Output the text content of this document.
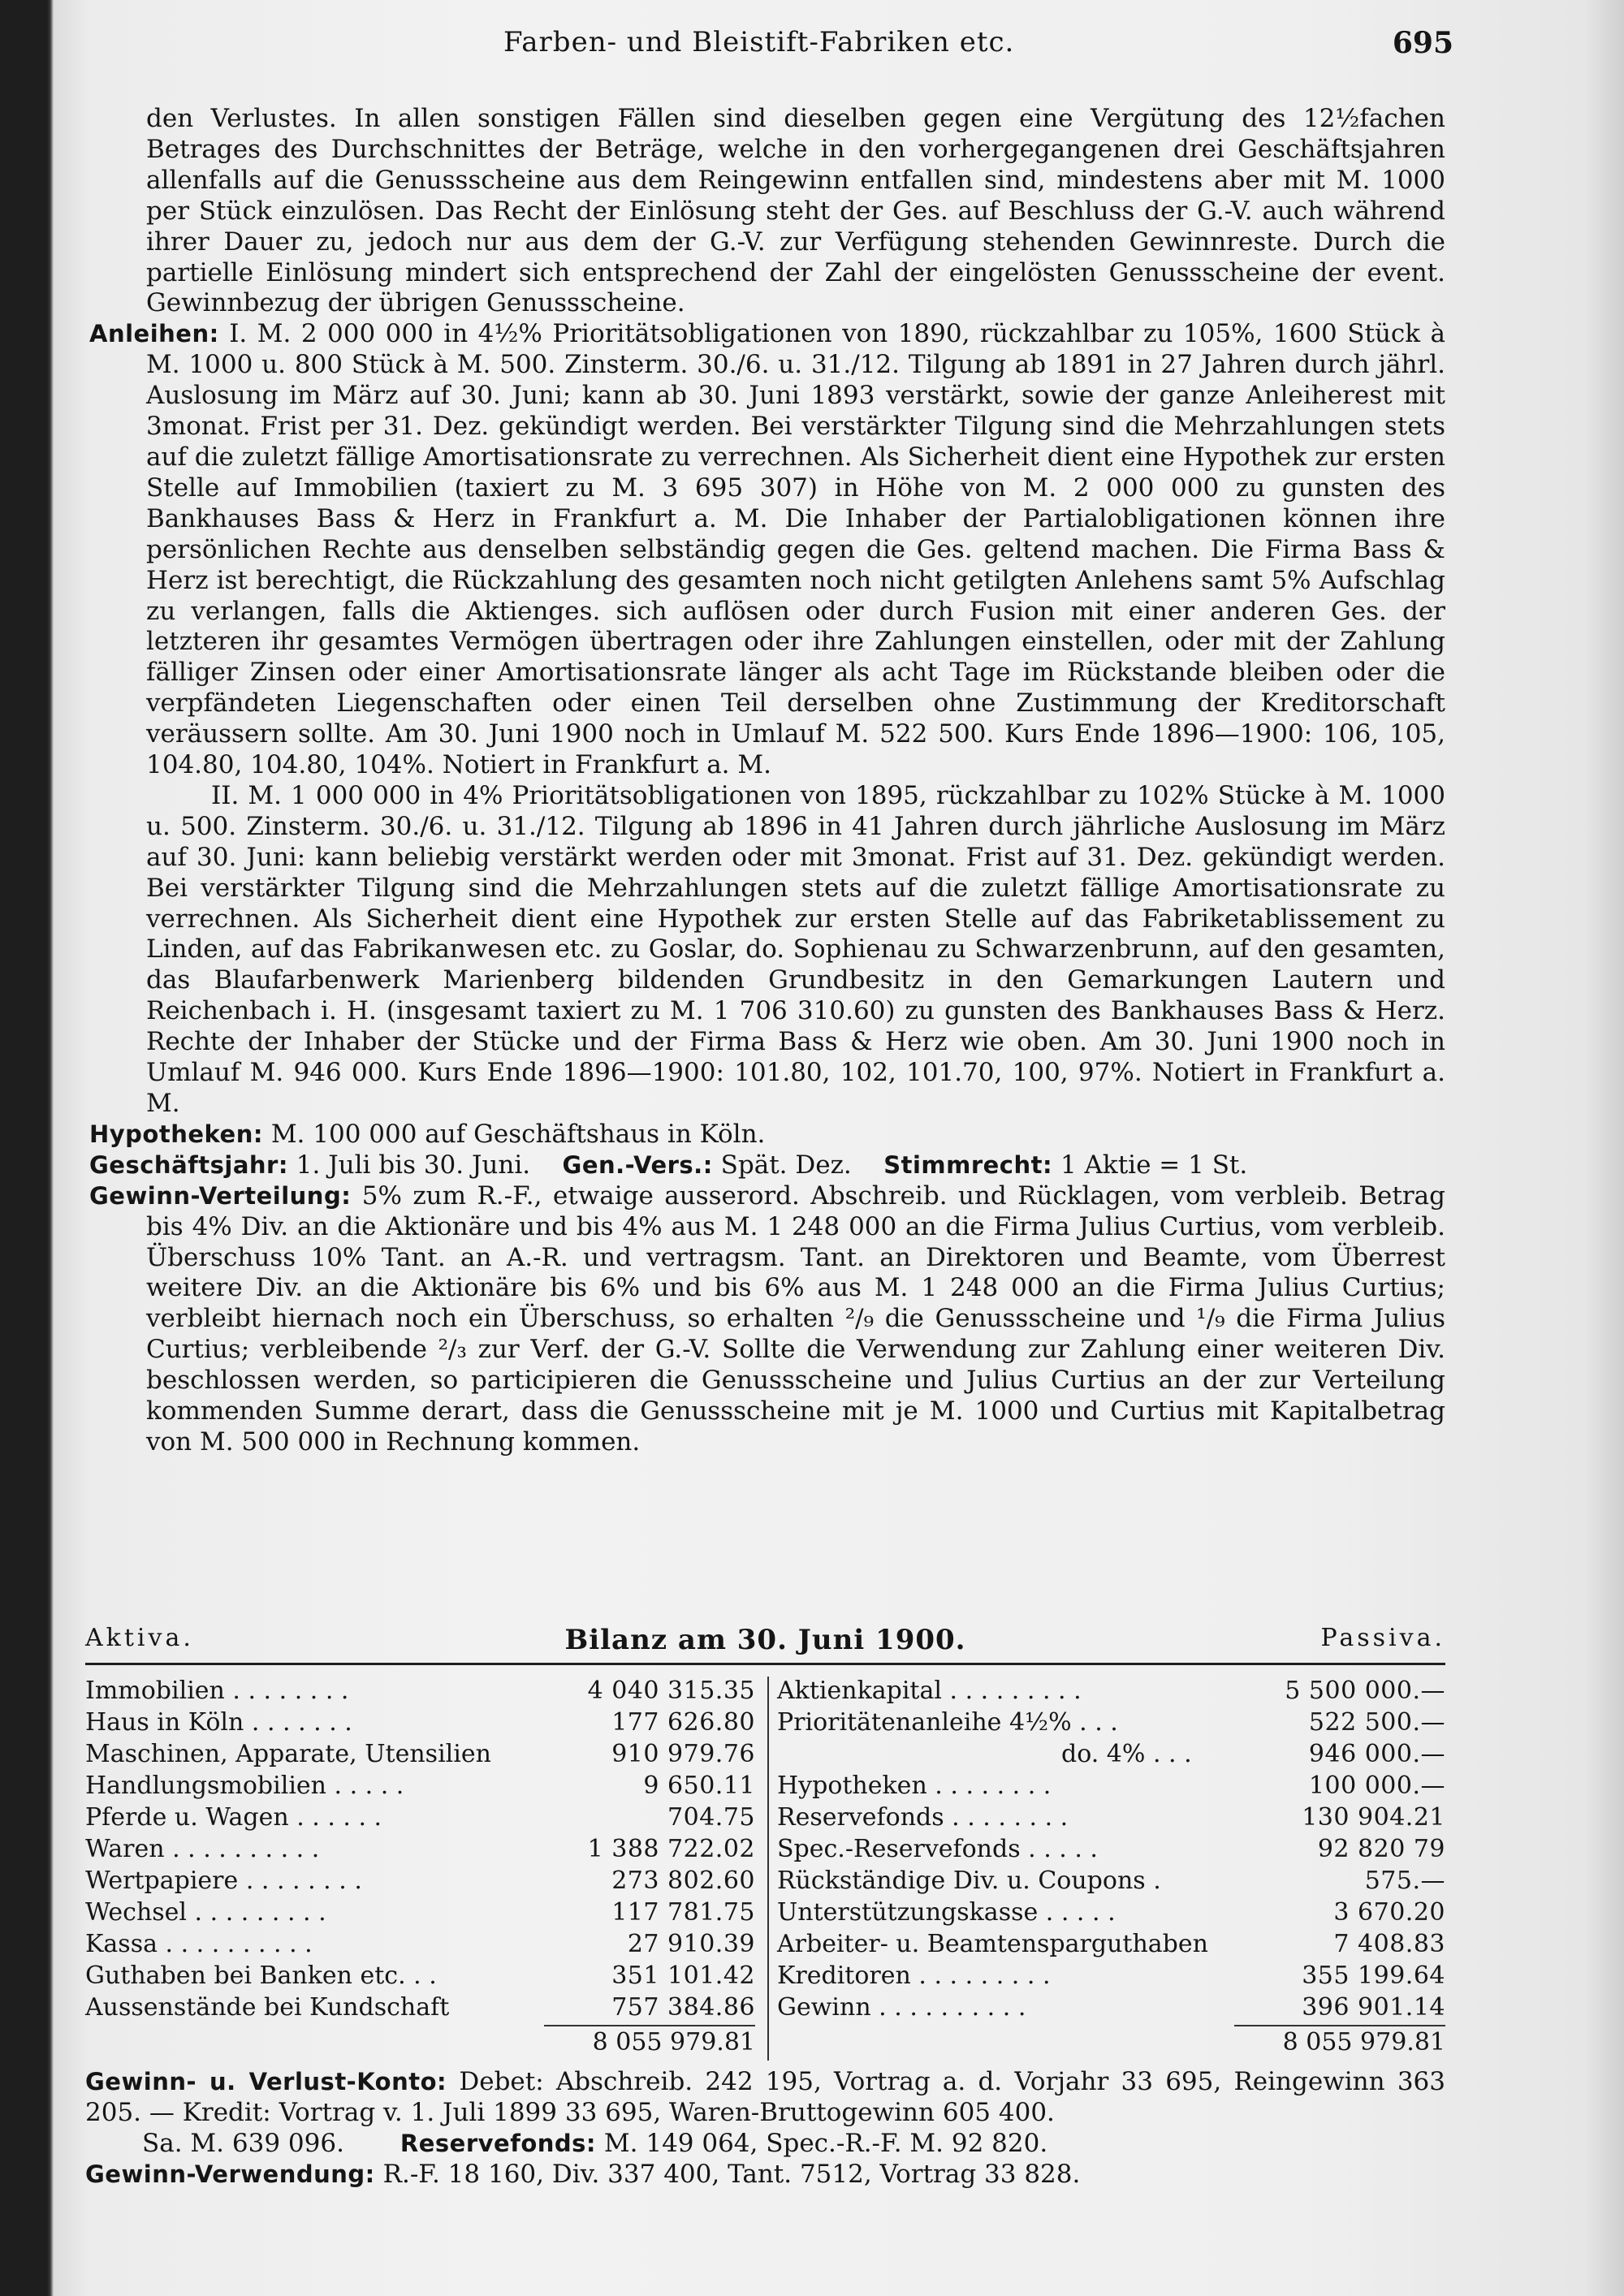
Farben- und Bleistift-Fabriken etc.	695

den Verlustes. In allen sonstigen Fällen sind dieselben gegen eine Vergütung des 12½fachen Betrages des Durchschnittes der Beträge, welche in den vorhergegangenen drei Geschäftsjahren allenfalls auf die Genussscheine aus dem Reingewinn entfallen sind, mindestens aber mit M. 1000 per Stück einzulösen. Das Recht der Einlösung steht der Ges. auf Beschluss der G.-V. auch während ihrer Dauer zu, jedoch nur aus dem der G.-V. zur Verfügung stehenden Gewinnreste. Durch die partielle Einlösung mindert sich entsprechend der Zahl der eingelösten Genussscheine der event. Gewinnbezug der übrigen Genussscheine.

Anleihen: I. M. 2 000 000 in 4½% Prioritätsobligationen von 1890, rückzahlbar zu 105%, 1600 Stück à M. 1000 u. 800 Stück à M. 500. Zinsterm. 30./6. u. 31./12. Tilgung ab 1891 in 27 Jahren durch jährl. Auslosung im März auf 30. Juni; kann ab 30. Juni 1893 verstärkt, sowie der ganze Anleiherest mit 3monat. Frist per 31. Dez. gekündigt werden. Bei verstärkter Tilgung sind die Mehrzahlungen stets auf die zuletzt fällige Amortisationsrate zu verrechnen. Als Sicherheit dient eine Hypothek zur ersten Stelle auf Immobilien (taxiert zu M. 3 695 307) in Höhe von M. 2 000 000 zu gunsten des Bankhauses Bass & Herz in Frankfurt a. M. Die Inhaber der Partialobligationen können ihre persönlichen Rechte aus denselben selbständig gegen die Ges. geltend machen. Die Firma Bass & Herz ist berechtigt, die Rückzahlung des gesamten noch nicht getilgten Anlehens samt 5% Aufschlag zu verlangen, falls die Aktienges. sich auflösen oder durch Fusion mit einer anderen Ges. der letzteren ihr gesamtes Vermögen übertragen oder ihre Zahlungen einstellen, oder mit der Zahlung fälliger Zinsen oder einer Amortisationsrate länger als acht Tage im Rückstande bleiben oder die verpfändeten Liegenschaften oder einen Teil derselben ohne Zustimmung der Kreditorschaft veräussern sollte. Am 30. Juni 1900 noch in Umlauf M. 522 500. Kurs Ende 1896—1900: 106, 105, 104.80, 104.80, 104%. Notiert in Frankfurt a. M.

II. M. 1 000 000 in 4% Prioritätsobligationen von 1895, rückzahlbar zu 102% Stücke à M. 1000 u. 500. Zinsterm. 30./6. u. 31./12. Tilgung ab 1896 in 41 Jahren durch jährliche Auslosung im März auf 30. Juni: kann beliebig verstärkt werden oder mit 3monat. Frist auf 31. Dez. gekündigt werden. Bei verstärkter Tilgung sind die Mehrzahlungen stets auf die zuletzt fällige Amortisationsrate zu verrechnen. Als Sicherheit dient eine Hypothek zur ersten Stelle auf das Fabriketablissement zu Linden, auf das Fabrikanwesen etc. zu Goslar, do. Sophienau zu Schwarzenbrunn, auf den gesamten, das Blaufarbenwerk Marienberg bildenden Grundbesitz in den Gemarkungen Lautern und Reichenbach i. H. (insgesamt taxiert zu M. 1 706 310.60) zu gunsten des Bankhauses Bass & Herz. Rechte der Inhaber der Stücke und der Firma Bass & Herz wie oben. Am 30. Juni 1900 noch in Umlauf M. 946 000. Kurs Ende 1896—1900: 101.80, 102, 101.70, 100, 97%. Notiert in Frankfurt a. M.

Hypotheken: M. 100 000 auf Geschäftshaus in Köln.

Geschäftsjahr: 1. Juli bis 30. Juni. Gen.-Vers.: Spät. Dez. Stimmrecht: 1 Aktie = 1 St.

Gewinn-Verteilung: 5% zum R.-F., etwaige ausserord. Abschreib. und Rücklagen, vom verbleib. Betrag bis 4% Div. an die Aktionäre und bis 4% aus M. 1 248 000 an die Firma Julius Curtius, vom verbleib. Überschuss 10% Tant. an A.-R. und vertragsm. Tant. an Direktoren und Beamte, vom Überrest weitere Div. an die Aktionäre bis 6% und bis 6% aus M. 1 248 000 an die Firma Julius Curtius; verbleibt hiernach noch ein Überschuss, so erhalten ²/₉ die Genussscheine und ¹/₉ die Firma Julius Curtius; verbleibende ²/₃ zur Verf. der G.-V. Sollte die Verwendung zur Zahlung einer weiteren Div. beschlossen werden, so participieren die Genussscheine und Julius Curtius an der zur Verteilung kommenden Summe derart, dass die Genussscheine mit je M. 1000 und Curtius mit Kapitalbetrag von M. 500 000 in Rechnung kommen.

Aktiva.	Bilanz am 30. Juni 1900.	Passiva.
Immobilien . . . . . . . .	4 040 315.35
Haus in Köln . . . . . . .	177 626.80
Maschinen, Apparate, Utensilien	910 979.76
Handlungsmobilien . . . . .	9 650.11
Pferde u. Wagen . . . . . .	704.75
Waren . . . . . . . . . .	1 388 722.02
Wertpapiere . . . . . . . .	273 802.60
Wechsel . . . . . . . . .	117 781.75
Kassa . . . . . . . . . .	27 910.39
Guthaben bei Banken etc. . .	351 101.42
Aussenstände bei Kundschaft	757 384.86
8 055 979.81
Aktienkapital . . . . . . . . .	5 500 000.—
Prioritätenanleihe 4½% . . .	522 500.—
do. 4% . . .	946 000.—
Hypotheken . . . . . . . .	100 000.—
Reservefonds . . . . . . . .	130 904.21
Spec.-Reservefonds . . . . .	92 820 79
Rückständige Div. u. Coupons .	575.—
Unterstützungskasse . . . . .	3 670.20
Arbeiter- u. Beamtensparguthaben	7 408.83
Kreditoren . . . . . . . . .	355 199.64
Gewinn . . . . . . . . . .	396 901.14
8 055 979.81

Gewinn- u. Verlust-Konto: Debet: Abschreib. 242 195, Vortrag a. d. Vorjahr 33 695, Reingewinn 363 205. — Kredit: Vortrag v. 1. Juli 1899 33 695, Waren-Bruttogewinn 605 400.

Sa. M. 639 096. Reservefonds: M. 149 064, Spec.-R.-F. M. 92 820.

Gewinn-Verwendung: R.-F. 18 160, Div. 337 400, Tant. 7512, Vortrag 33 828.
